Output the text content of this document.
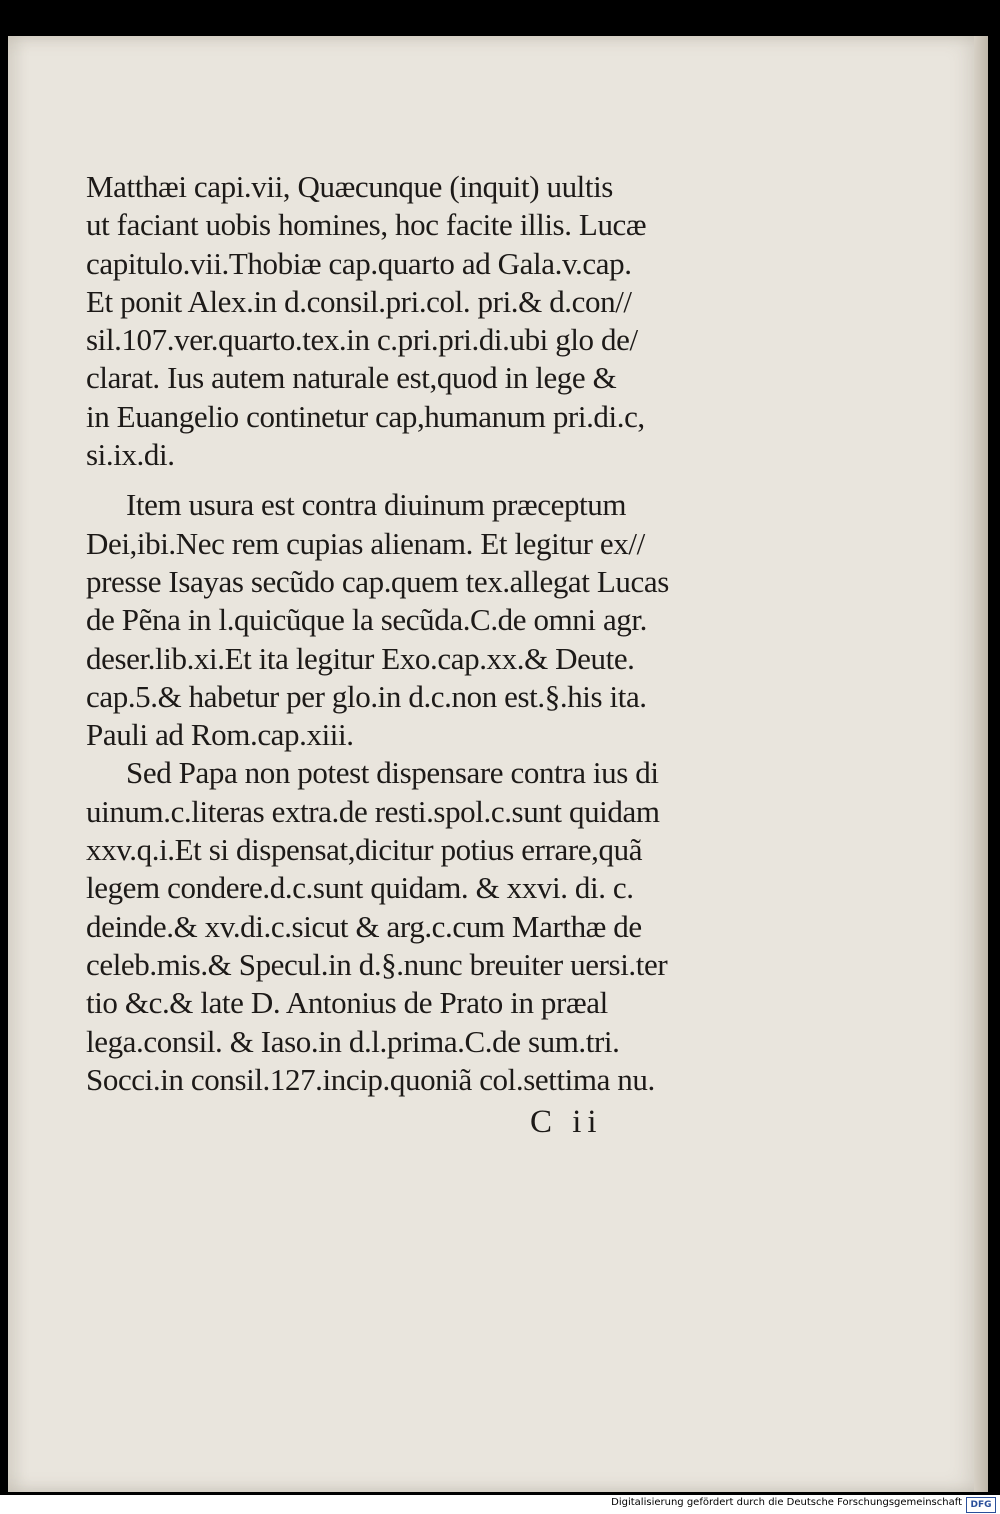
Matthæi capi.vii, Quæcunque (inquit) uultis
ut faciant uobis homines, hoc facite illis. Lucæ
capitulo.vii.Thobiæ cap.quarto ad Gala.v.cap.
Et ponit Alex.in d.consil.pri.col. pri.& d.con//
sil.107.ver.quarto.tex.in c.pri.pri.di.ubi glo de/
clarat. Ius autem naturale est,quod in lege &
in Euangelio continetur cap,humanum pri.di.c,
si.ix.di.
Item usura est contra diuinum præceptum
Dei,ibi.Nec rem cupias alienam. Et legitur ex//
presse Isayas secũdo cap.quem tex.allegat Lucas
de Pẽna in l.quicũque la secũda.C.de omni agr.
deser.lib.xi.Et ita legitur Exo.cap.xx.& Deute.
cap.5.& habetur per glo.in d.c.non est.§.his ita.
Pauli ad Rom.cap.xiii.
Sed Papa non potest dispensare contra ius di
uinum.c.literas extra.de resti.spol.c.sunt quidam
xxv.q.i.Et si dispensat,dicitur potius errare,quã
legem condere.d.c.sunt quidam. & xxvi. di. c.
deinde.& xv.di.c.sicut & arg.c.cum Marthæ de
celeb.mis.& Specul.in d.§.nunc breuiter uersi.ter
tio &c.& late D. Antonius de Prato in præal
lega.consil. & Iaso.in d.l.prima.C.de sum.tri.
Socci.in consil.127.incip.quoniã col.settima nu.
C ii
Digitalisierung gefördert durch die Deutsche Forschungsgemeinschaft DFG
